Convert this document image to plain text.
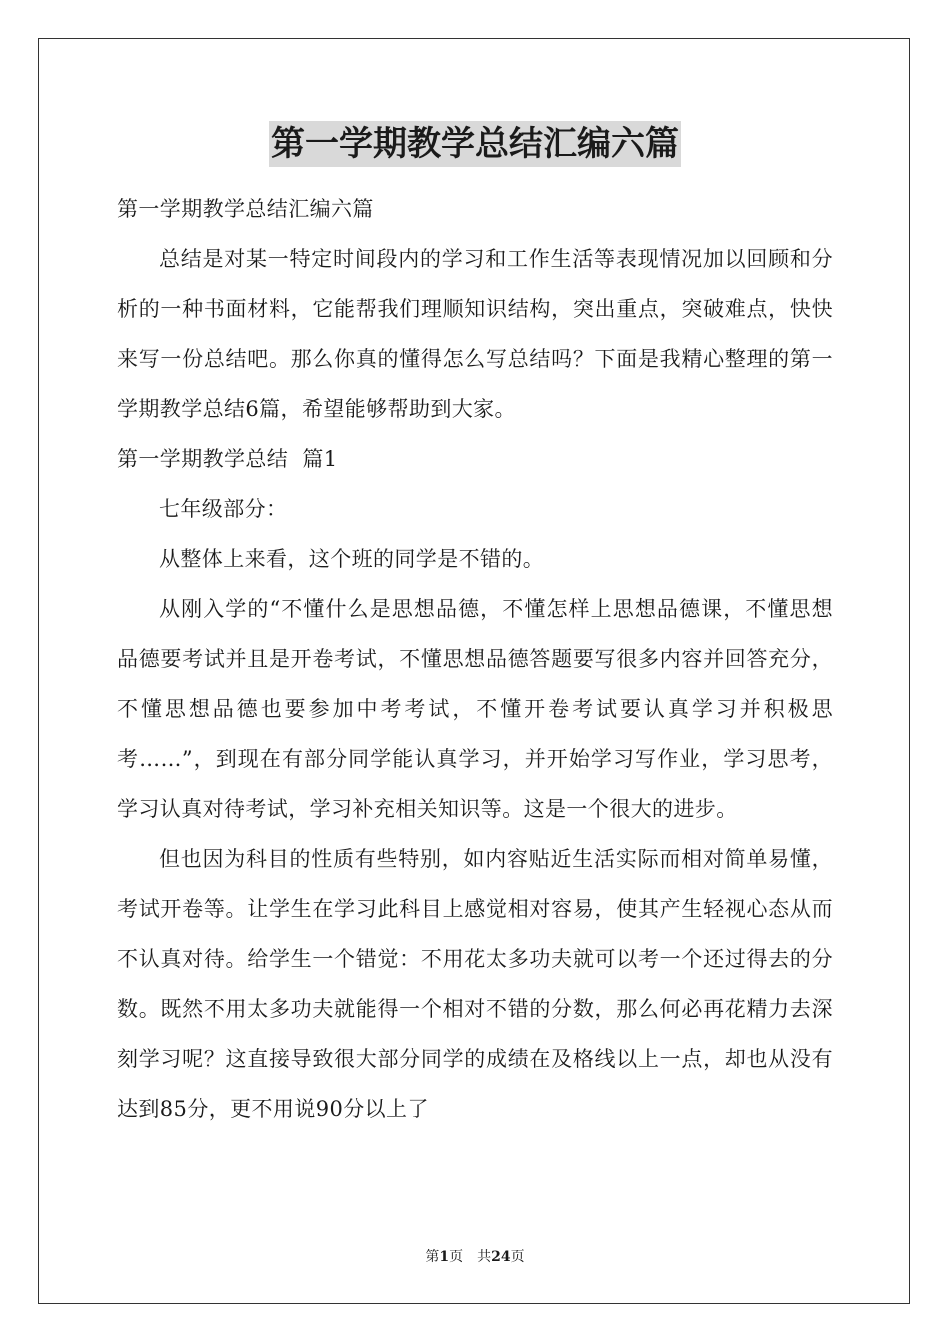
第一学期教学总结汇编六篇

第一学期教学总结汇编六篇

总结是对某一特定时间段内的学习和工作生活等表现情况加以回顾和分析的一种书面材料，它能帮我们理顺知识结构，突出重点，突破难点，快快来写一份总结吧。那么你真的懂得怎么写总结吗？下面是我精心整理的第一学期教学总结6篇，希望能够帮助到大家。

第一学期教学总结  篇1

七年级部分：

从整体上来看，这个班的同学是不错的。

从刚入学的“不懂什么是思想品德，不懂怎样上思想品德课，不懂思想品德要考试并且是开卷考试，不懂思想品德答题要写很多内容并回答充分，不懂思想品德也要参加中考考试，不懂开卷考试要认真学习并积极思考……”，到现在有部分同学能认真学习，并开始学习写作业，学习思考，学习认真对待考试，学习补充相关知识等。这是一个很大的进步。

但也因为科目的性质有些特别，如内容贴近生活实际而相对简单易懂，考试开卷等。让学生在学习此科目上感觉相对容易，使其产生轻视心态从而不认真对待。给学生一个错觉：不用花太多功夫就可以考一个还过得去的分数。既然不用太多功夫就能得一个相对不错的分数，那么何必再花精力去深刻学习呢？这直接导致很大部分同学的成绩在及格线以上一点，却也从没有达到85分，更不用说90分以上了

第1页 共24页
